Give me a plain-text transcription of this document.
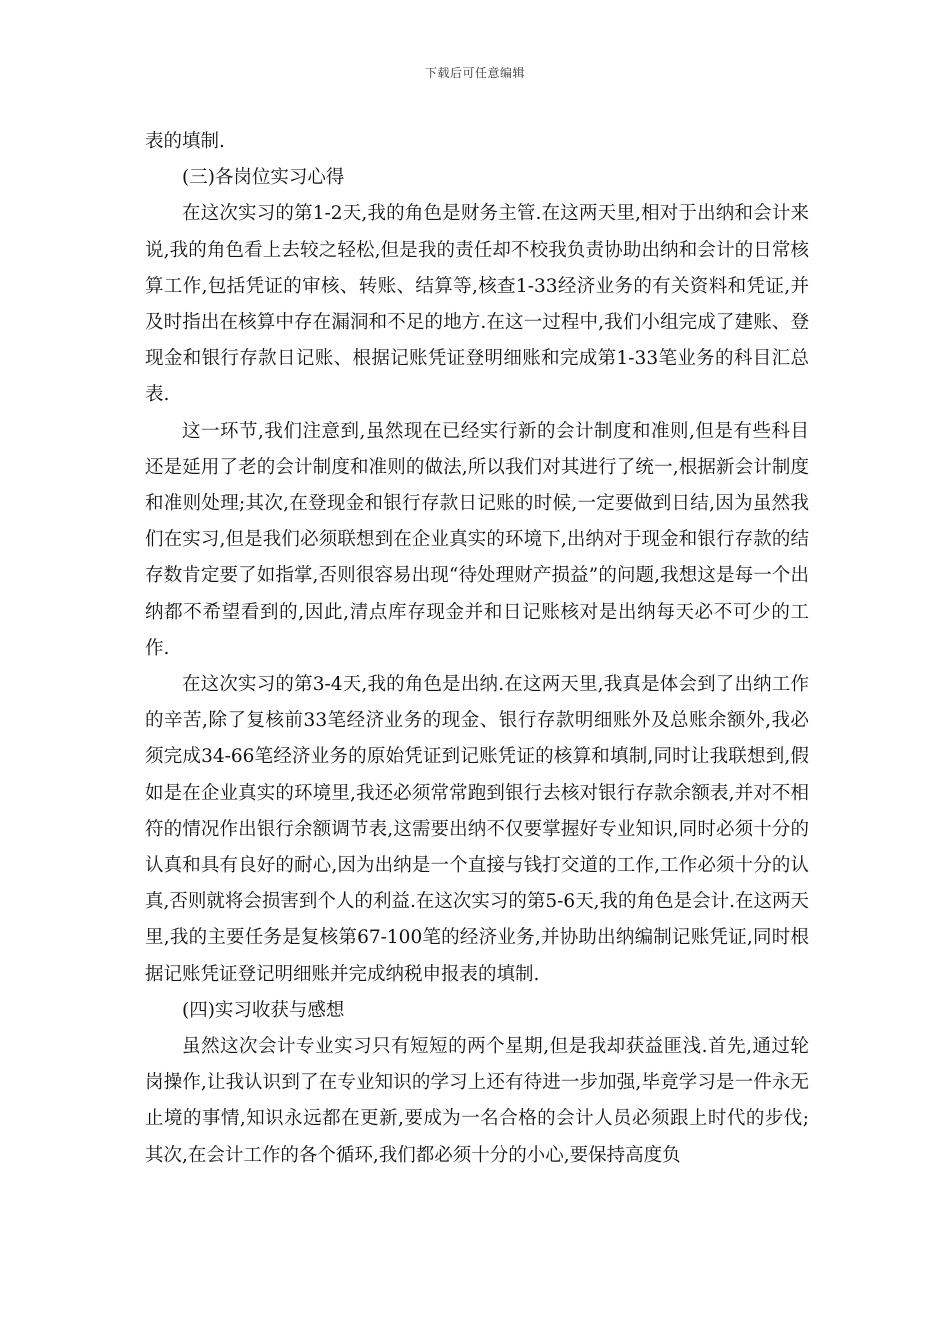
下载后可任意编辑

表的填制.

(三)各岗位实习心得

在这次实习的第1-2天,我的角色是财务主管.在这两天里,相对于出纳和会计来说,我的角色看上去较之轻松,但是我的责任却不校我负责协助出纳和会计的日常核算工作,包括凭证的审核、转账、结算等,核查1-33经济业务的有关资料和凭证,并及时指出在核算中存在漏洞和不足的地方.在这一过程中,我们小组完成了建账、登现金和银行存款日记账、根据记账凭证登明细账和完成第1-33笔业务的科目汇总表.

这一环节,我们注意到,虽然现在已经实行新的会计制度和准则,但是有些科目还是延用了老的会计制度和准则的做法,所以我们对其进行了统一,根据新会计制度和准则处理;其次,在登现金和银行存款日记账的时候,一定要做到日结,因为虽然我们在实习,但是我们必须联想到在企业真实的环境下,出纳对于现金和银行存款的结存数肯定要了如指掌,否则很容易出现“待处理财产损益”的问题,我想这是每一个出纳都不希望看到的,因此,清点库存现金并和日记账核对是出纳每天必不可少的工作.

在这次实习的第3-4天,我的角色是出纳.在这两天里,我真是体会到了出纳工作的辛苦,除了复核前33笔经济业务的现金、银行存款明细账外及总账余额外,我必须完成34-66笔经济业务的原始凭证到记账凭证的核算和填制,同时让我联想到,假如是在企业真实的环境里,我还必须常常跑到银行去核对银行存款余额表,并对不相符的情况作出银行余额调节表,这需要出纳不仅要掌握好专业知识,同时必须十分的认真和具有良好的耐心,因为出纳是一个直接与钱打交道的工作,工作必须十分的认真,否则就将会损害到个人的利益.在这次实习的第5-6天,我的角色是会计.在这两天里,我的主要任务是复核第67-100笔的经济业务,并协助出纳编制记账凭证,同时根据记账凭证登记明细账并完成纳税申报表的填制.

(四)实习收获与感想

虽然这次会计专业实习只有短短的两个星期,但是我却获益匪浅.首先,通过轮岗操作,让我认识到了在专业知识的学习上还有待进一步加强,毕竟学习是一件永无止境的事情,知识永远都在更新,要成为一名合格的会计人员必须跟上时代的步伐;其次,在会计工作的各个循环,我们都必须十分的小心,要保持高度负
